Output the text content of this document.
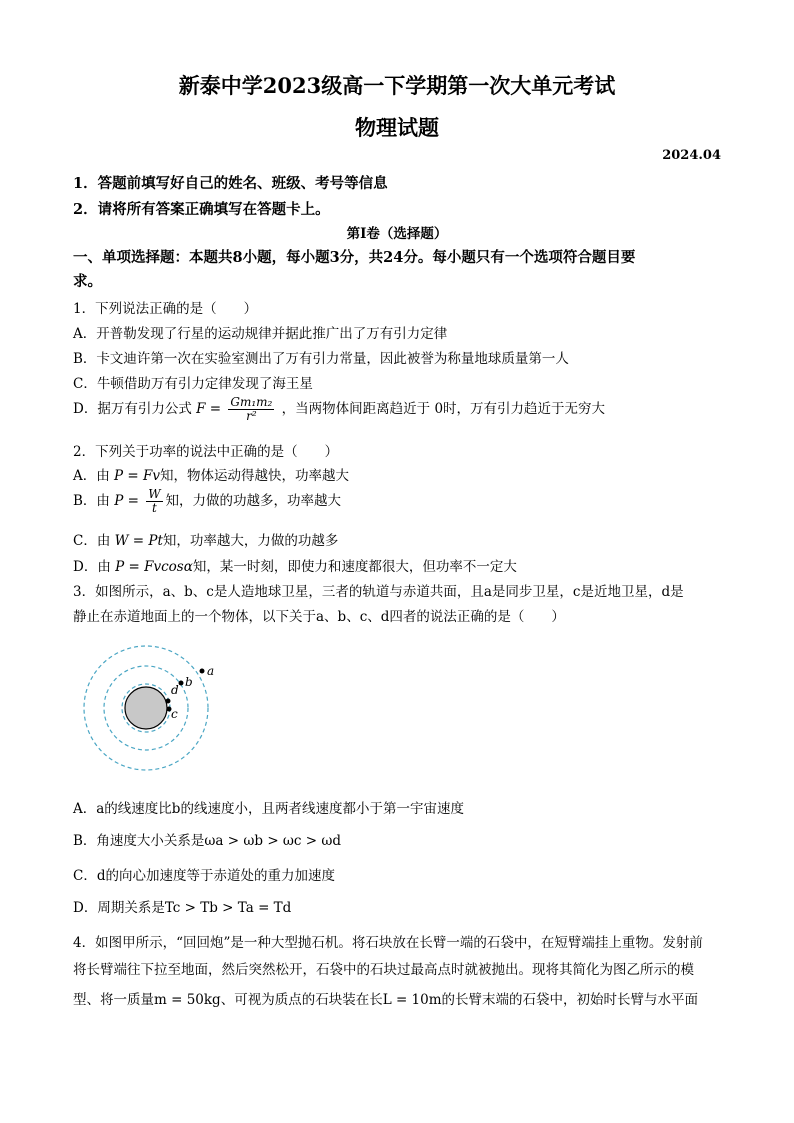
新泰中学2023级高一下学期第一次大单元考试
物理试题
2024.04
1．答题前填写好自己的姓名、班级、考号等信息
2．请将所有答案正确填写在答题卡上。
第I卷（选择题）
一、单项选择题：本题共8小题，每小题3分，共24分。每小题只有一个选项符合题目要
求。
1．下列说法正确的是（　　）
A．开普勒发现了行星的运动规律并据此推广出了万有引力定律
B．卡文迪许第一次在实验室测出了万有引力常量，因此被誉为称量地球质量第一人
C．牛顿借助万有引力定律发现了海王星
D．据万有引力公式 $F = \frac{\text{Gm₁m₂}}{\text{r²}}$ ，当两物体间距离趋近于 0时，万有引力趋近于无穷大
2．下列关于功率的说法中正确的是（　　）
A．由 P = Fv知，物体运动得越快，功率越大
B．由 $P = \frac{W}{t}$ 知，力做的功越多，功率越大
C．由 W = Pt知，功率越大，力做的功越多
D．由 P = Fvcosα知，某一时刻，即使力和速度都很大，但功率不一定大
3．如图所示，a、b、c是人造地球卫星，三者的轨道与赤道共面，且a是同步卫星，c是近地卫星，d是
静止在赤道地面上的一个物体，以下关于a、b、c、d四者的说法正确的是（　　）
a
b
d
c
A．a的线速度比b的线速度小，且两者线速度都小于第一宇宙速度
B．角速度大小关系是ωa > ωb > ωc > ωd
C．d的向心加速度等于赤道处的重力加速度
D．周期关系是Tc > Tb > Ta = Td
4．如图甲所示，“回回炮”是一种大型抛石机。将石块放在长臂一端的石袋中，在短臂端挂上重物。发射前
将长臂端往下拉至地面，然后突然松开，石袋中的石块过最高点时就被抛出。现将其简化为图乙所示的模
型、将一质量m = 50kg、可视为质点的石块装在长L = 10m的长臂末端的石袋中，初始时长臂与水平面
